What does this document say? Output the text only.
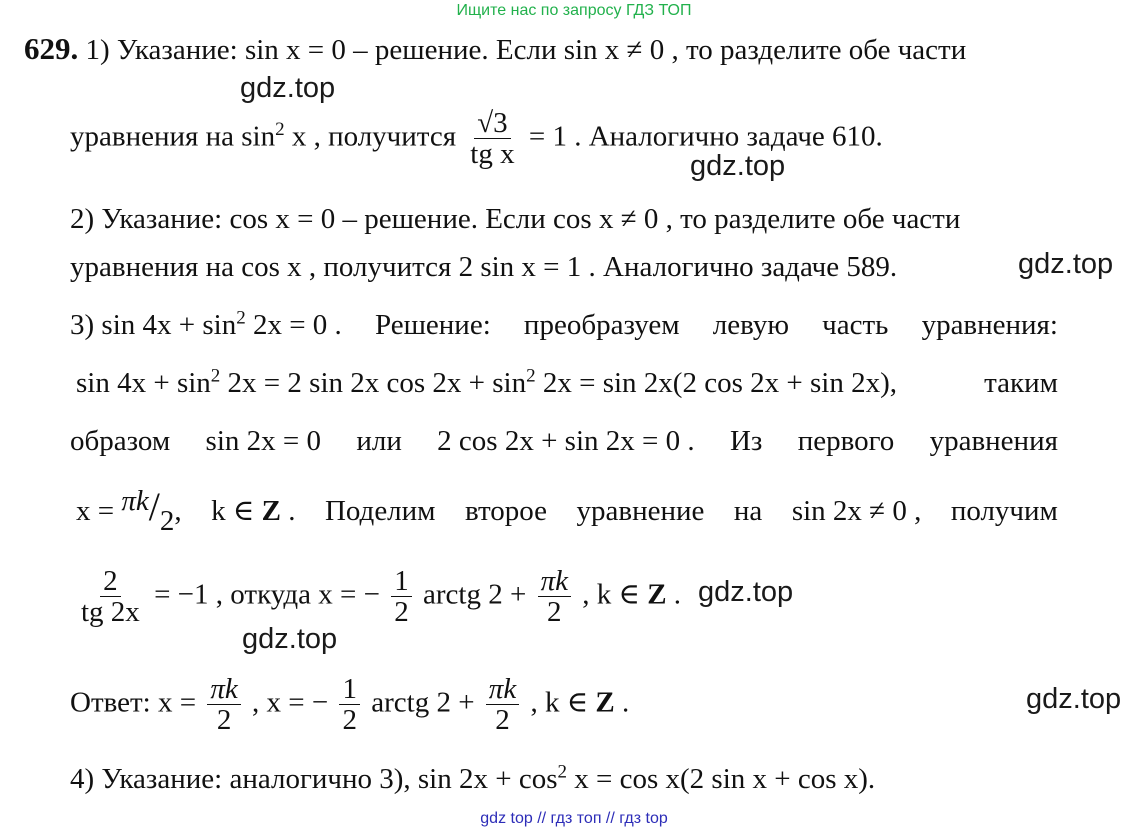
Ищите нас по запросу ГДЗ ТОП
gdz.top
gdz.top
gdz.top
gdz.top
gdz.top
gdz.top
629. 1) Указание: sin x = 0 – решение. Если sin x ≠ 0 , то разделите обе части
уравнения на $\sin^2 x$ , получится $\frac{√3}{\text{tg x}} = 1$ . Аналогично задаче 610.
2) Указание: cos x = 0 – решение. Если cos x ≠ 0 , то разделите обе части
уравнения на cos x , получится 2 sin x = 1 . Аналогично задаче 589.
3) $\sin 4x + \sin^2 2x = 0$ . Решение: преобразуем левую часть уравнения:
$\sin 4x + \sin^2 2x = 2$ sin 2x $\cos 2x + \sin^2 2x = \sin 2x(2$ cos 2x + sin 2x),	таким
образом sin 2x = 0 или 2 cos 2x + sin 2x = 0 . Из первого уравнения
x = πk/2, k ∈ Z . Поделим второе уравнение на sin 2x ≠ 0 , получим
$\frac{2}{tg 2x} = -1$ , откуда x = − $\frac{1}{2}$ arctg $2 + \frac{\pi k}{2}$ , k ∈ Z .
Ответ: $x = \frac{\pi k}{2}$ , x = − $\frac{1}{2}$ arctg $2 + \frac{\pi k}{2}$ , k ∈ Z .
4) Указание: аналогично 3), $\sin 2x + \cos^2 x = \cos x(2$ sin x + cos x).
gdz top // гдз топ // гдз top
